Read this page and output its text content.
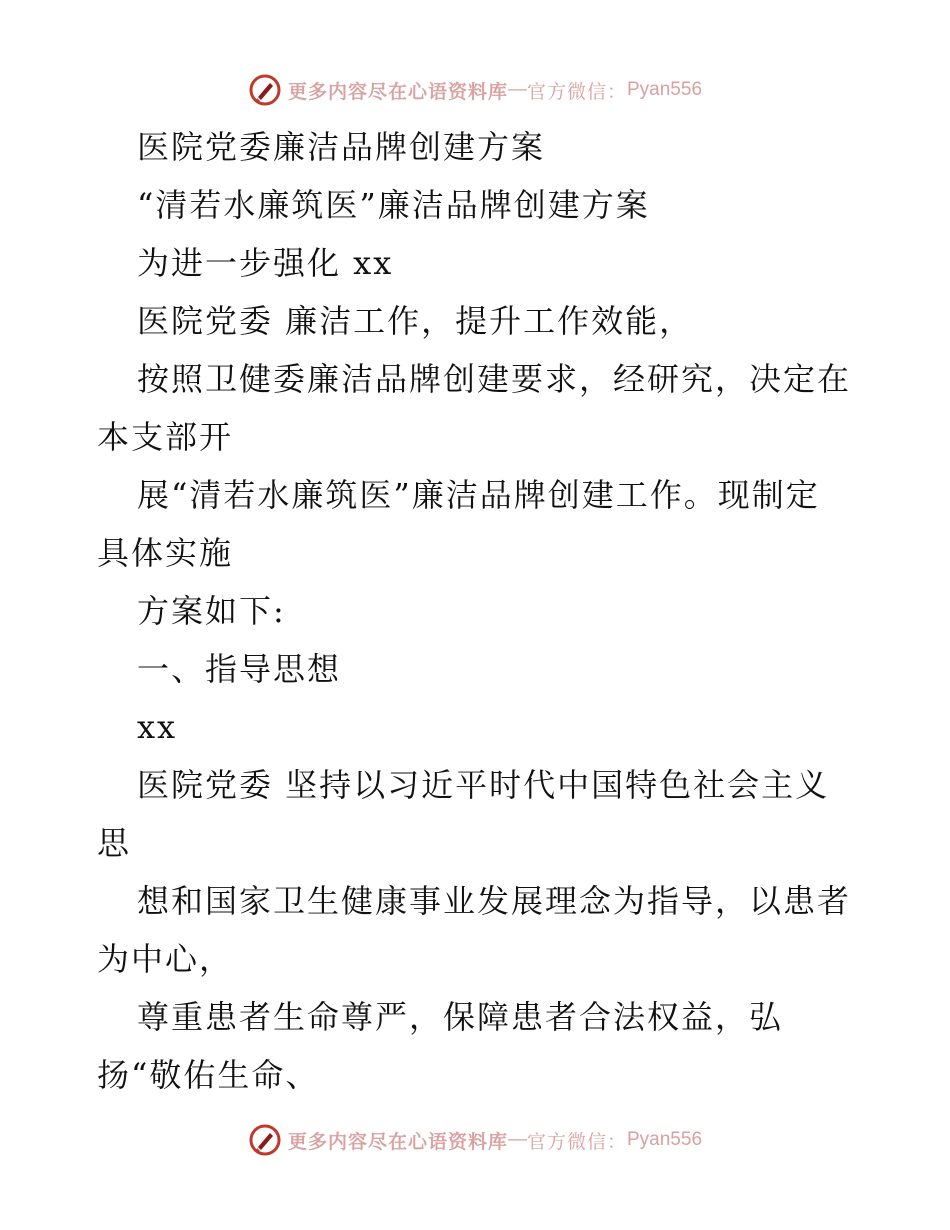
更多内容尽在心语资料库 — 官方微信： Pyan556
医院党委廉洁品牌创建方案
“清若水廉筑医”廉洁品牌创建方案
为进一步强化 xx
医院党委 廉洁工作，提升工作效能，
按照卫健委廉洁品牌创建要求，经研究，决定在
本支部开
展“清若水廉筑医”廉洁品牌创建工作。现制定
具体实施
方案如下:
一、指导思想
xx
医院党委 坚持以习近平时代中国特色社会主义
思
想和国家卫生健康事业发展理念为指导，以患者
为中心，
尊重患者生命尊严，保障患者合法权益，弘
扬“敬佑生命、
更多内容尽在心语资料库 — 官方微信： Pyan556
